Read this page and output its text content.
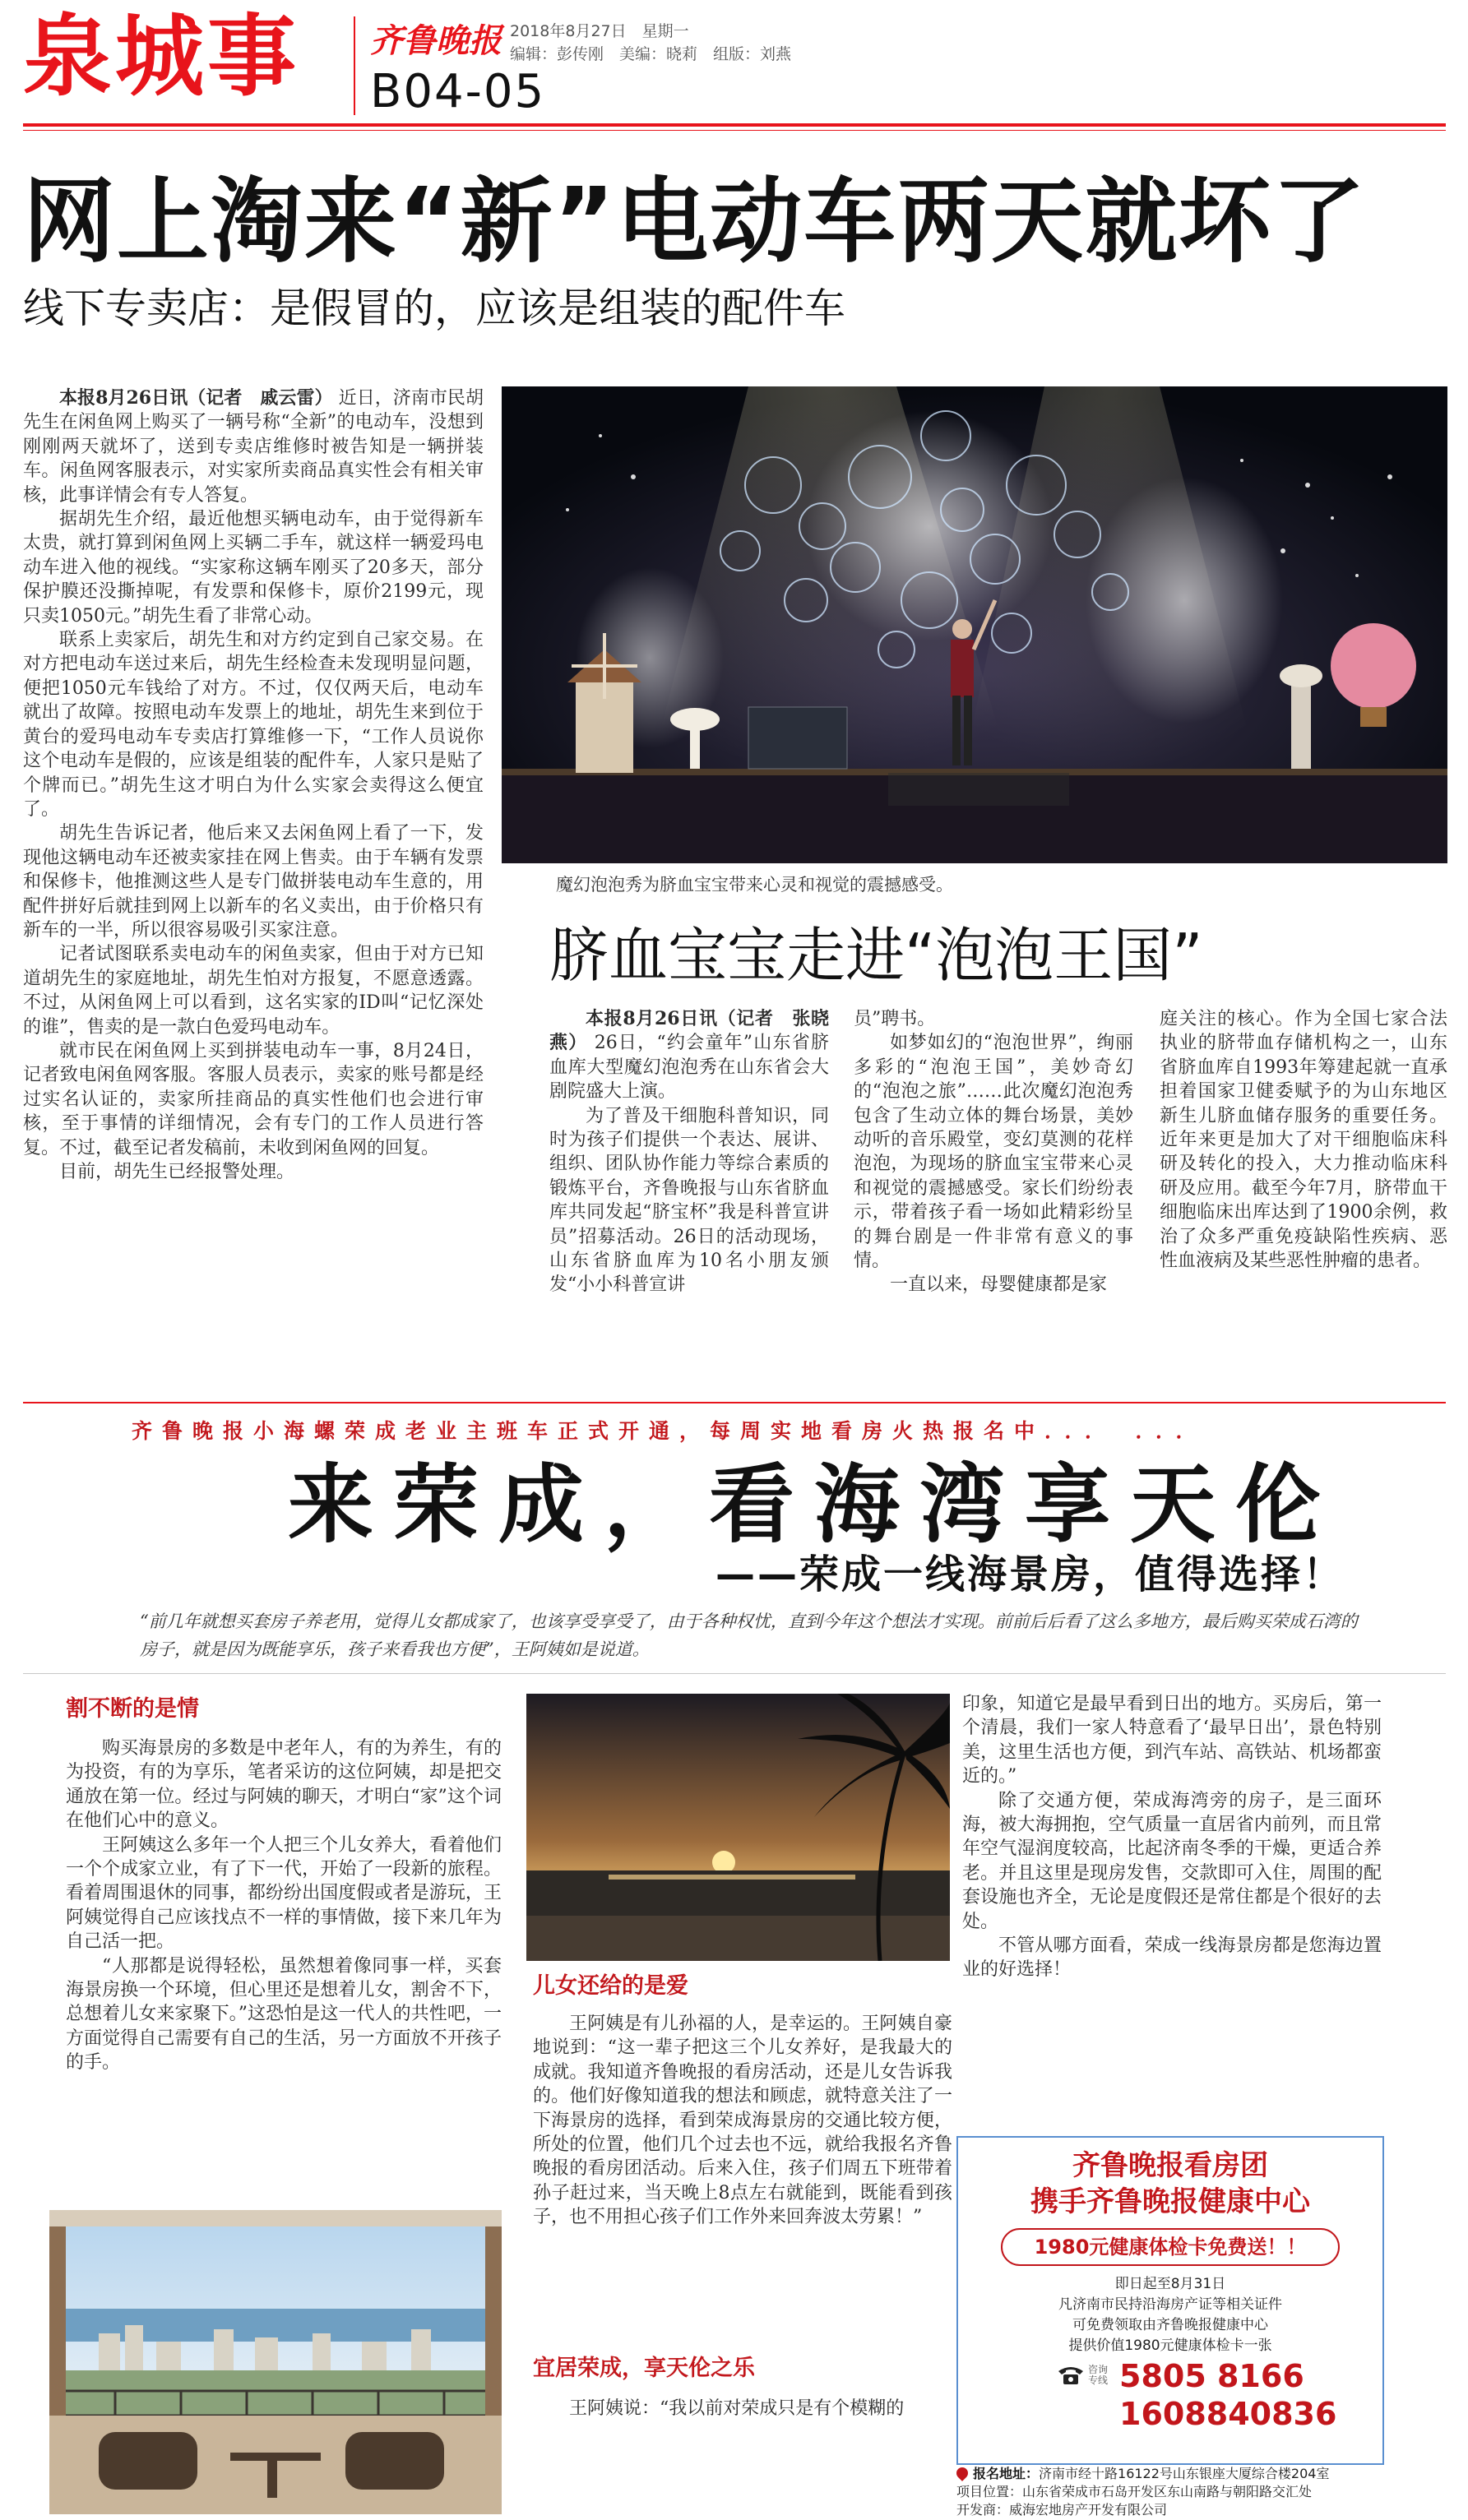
泉城事 齐鲁晚报 2018年8月27日　星期一
编辑：彭传刚　美编：晓莉　组版：刘燕
B04-05
网上淘来“新”电动车两天就坏了
线下专卖店：是假冒的，应该是组装的配件车

本报8月26日讯（记者　戚云雷） 近日，济南市民胡先生在闲鱼网上购买了一辆号称“全新”的电动车，没想到刚刚两天就坏了，送到专卖店维修时被告知是一辆拼装车。闲鱼网客服表示，对实家所卖商品真实性会有相关审核，此事详情会有专人答复。

据胡先生介绍，最近他想买辆电动车，由于觉得新车太贵，就打算到闲鱼网上买辆二手车，就这样一辆爱玛电动车进入他的视线。“实家称这辆车刚买了20多天，部分保护膜还没撕掉呢，有发票和保修卡，原价2199元，现只卖1050元。”胡先生看了非常心动。

联系上卖家后，胡先生和对方约定到自己家交易。在对方把电动车送过来后，胡先生经检查未发现明显问题，便把1050元车钱给了对方。不过，仅仅两天后，电动车就出了故障。按照电动车发票上的地址，胡先生来到位于黄台的爱玛电动车专卖店打算维修一下，“工作人员说你这个电动车是假的，应该是组装的配件车，人家只是贴了个牌而已。”胡先生这才明白为什么实家会卖得这么便宜了。

胡先生告诉记者，他后来又去闲鱼网上看了一下，发现他这辆电动车还被卖家挂在网上售卖。由于车辆有发票和保修卡，他推测这些人是专门做拼装电动车生意的，用配件拼好后就挂到网上以新车的名义卖出，由于价格只有新车的一半，所以很容易吸引买家注意。

记者试图联系卖电动车的闲鱼卖家，但由于对方已知道胡先生的家庭地址，胡先生怕对方报复，不愿意透露。不过，从闲鱼网上可以看到，这名实家的ID叫“记忆深处的谁”，售卖的是一款白色爱玛电动车。

就市民在闲鱼网上买到拼装电动车一事，8月24日，记者致电闲鱼网客服。客服人员表示，卖家的账号都是经过实名认证的，卖家所挂商品的真实性他们也会进行审核，至于事情的详细情况，会有专门的工作人员进行答复。不过，截至记者发稿前，未收到闲鱼网的回复。

目前，胡先生已经报警处理。

魔幻泡泡秀为脐血宝宝带来心灵和视觉的震撼感受。
脐血宝宝走进“泡泡王国”

本报8月26日讯（记者　张晓燕） 26日，“约会童年”山东省脐血库大型魔幻泡泡秀在山东省会大剧院盛大上演。

为了普及干细胞科普知识，同时为孩子们提供一个表达、展讲、组织、团队协作能力等综合素质的锻炼平台，齐鲁晚报与山东省脐血库共同发起“脐宝杯”我是科普宣讲员”招募活动。26日的活动现场，山东省脐血库为10名小朋友颁发“小小科普宣讲

员”聘书。

如梦如幻的“泡泡世界”，绚丽多彩的“泡泡王国”，美妙奇幻的“泡泡之旅”……此次魔幻泡泡秀包含了生动立体的舞台场景，美妙动听的音乐殿堂，变幻莫测的花样泡泡，为现场的脐血宝宝带来心灵和视觉的震撼感受。家长们纷纷表示，带着孩子看一场如此精彩纷呈的舞台剧是一件非常有意义的事情。

一直以来，母婴健康都是家

庭关注的核心。作为全国七家合法执业的脐带血存储机构之一，山东省脐血库自1993年筹建起就一直承担着国家卫健委赋予的为山东地区新生儿脐血储存服务的重要任务。近年来更是加大了对干细胞临床科研及转化的投入，大力推动临床科研及应用。截至今年7月，脐带血干细胞临床出库达到了1900余例，救治了众多严重免疫缺陷性疾病、恶性血液病及某些恶性肿瘤的患者。

齐鲁晚报小海螺荣成老业主班车正式开通，每周实地看房火热报名中．．．　．．．
来荣成，看海湾享天伦
——荣成一线海景房，值得选择！
“前几年就想买套房子养老用，觉得儿女都成家了，也该享受享受了，由于各种权忧，直到今年这个想法才实现。前前后后看了这么多地方，最后购买荣成石湾的房子，就是因为既能享乐，孩子来看我也方便”，王阿姨如是说道。
割不断的是情

购买海景房的多数是中老年人，有的为养生，有的为投资，有的为享乐，笔者采访的这位阿姨，却是把交通放在第一位。经过与阿姨的聊天，才明白“家”这个词在他们心中的意义。

王阿姨这么多年一个人把三个儿女养大，看着他们一个个成家立业，有了下一代，开始了一段新的旅程。看着周围退休的同事，都纷纷出国度假或者是游玩，王阿姨觉得自己应该找点不一样的事情做，接下来几年为自己活一把。

“人那都是说得轻松，虽然想着像同事一样，买套海景房换一个环境，但心里还是想着儿女，割舍不下，总想着儿女来家聚下。”这恐怕是这一代人的共性吧，一方面觉得自己需要有自己的生活，另一方面放不开孩子的手。

儿女还给的是爱

王阿姨是有儿孙福的人，是幸运的。王阿姨自豪地说到：“这一辈子把这三个儿女养好，是我最大的成就。我知道齐鲁晚报的看房活动，还是儿女告诉我的。他们好像知道我的想法和顾虑，就特意关注了一下海景房的选择，看到荣成海景房的交通比较方便，所处的位置，他们几个过去也不远，就给我报名齐鲁晚报的看房团活动。后来入住，孩子们周五下班带着孙子赶过来，当天晚上8点左右就能到，既能看到孩子，也不用担心孩子们工作外来回奔波太劳累！”

宜居荣成，享天伦之乐

王阿姨说：“我以前对荣成只是有个模糊的

印象，知道它是最早看到日出的地方。买房后，第一个清晨，我们一家人特意看了‘最早日出’，景色特别美，这里生活也方便，到汽车站、高铁站、机场都蛮近的。”

除了交通方便，荣成海湾旁的房子，是三面环海，被大海拥抱，空气质量一直居省内前列，而且常年空气湿润度较高，比起济南冬季的干燥，更适合养老。并且这里是现房发售，交款即可入住，周围的配套设施也齐全，无论是度假还是常住都是个很好的去处。

不管从哪方面看，荣成一线海景房都是您海边置业的好选择！

齐鲁晚报看房团
携手齐鲁晚报健康中心
1980元健康体检卡免费送！！
即日起至8月31日
凡济南市民持沿海房产证等相关证件
可免费领取由齐鲁晚报健康中心
提供价值1980元健康体检卡一张
咨询专线 5805 8166
1608840836
报名地址：济南市经十路16122号山东银座大厦综合楼204室
项目位置：山东省荣成市石岛开发区东山南路与朝阳路交汇处
开发商：威海宏地房产开发有限公司
